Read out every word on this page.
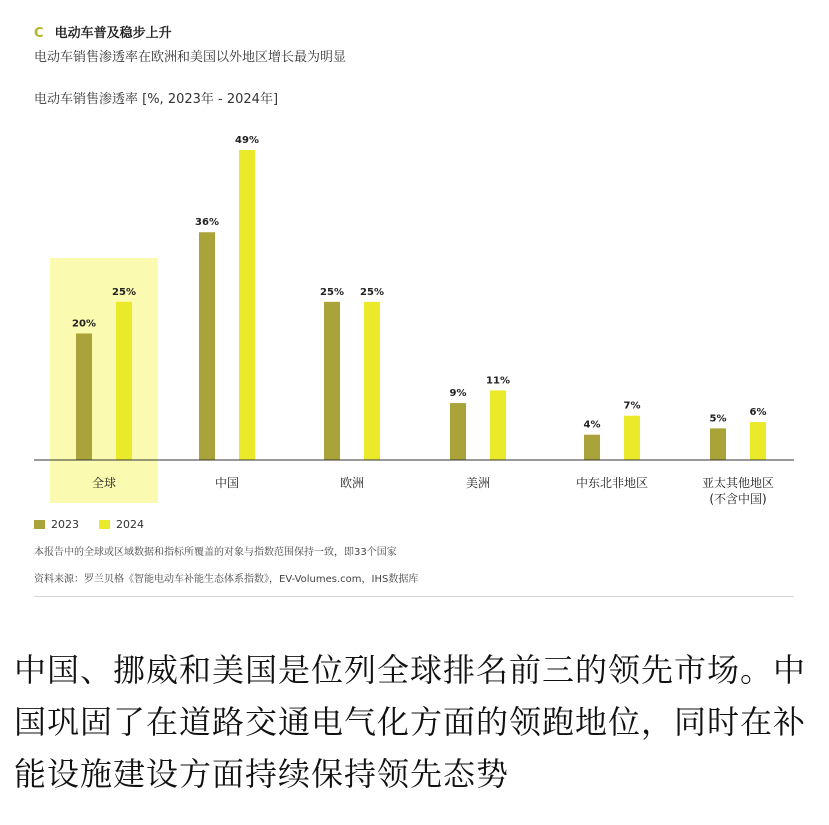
C 电动车普及稳步上升
电动车销售渗透率在欧洲和美国以外地区增长最为明显
电动车销售渗透率 [%, 2023年 - 2024年]
20%
25%
全球
36%
49%
中国
25% 25%
欧洲
9%
11%
美洲
4%
7%
中东北非地区
5%
6%
亚太其他地区
(不含中国)
2023	2024
本报告中的全球或区域数据和指标所覆盖的对象与指数范围保持一致，即33个国家
资料来源：罗兰贝格《智能电动车补能生态体系指数》，EV-Volumes.com，IHS数据库
中国、挪威和美国是位列全球排名前三的领先市场。中国巩固了在道路交通电气化方面的领跑地位，同时在补能设施建设方面持续保持领先态势
